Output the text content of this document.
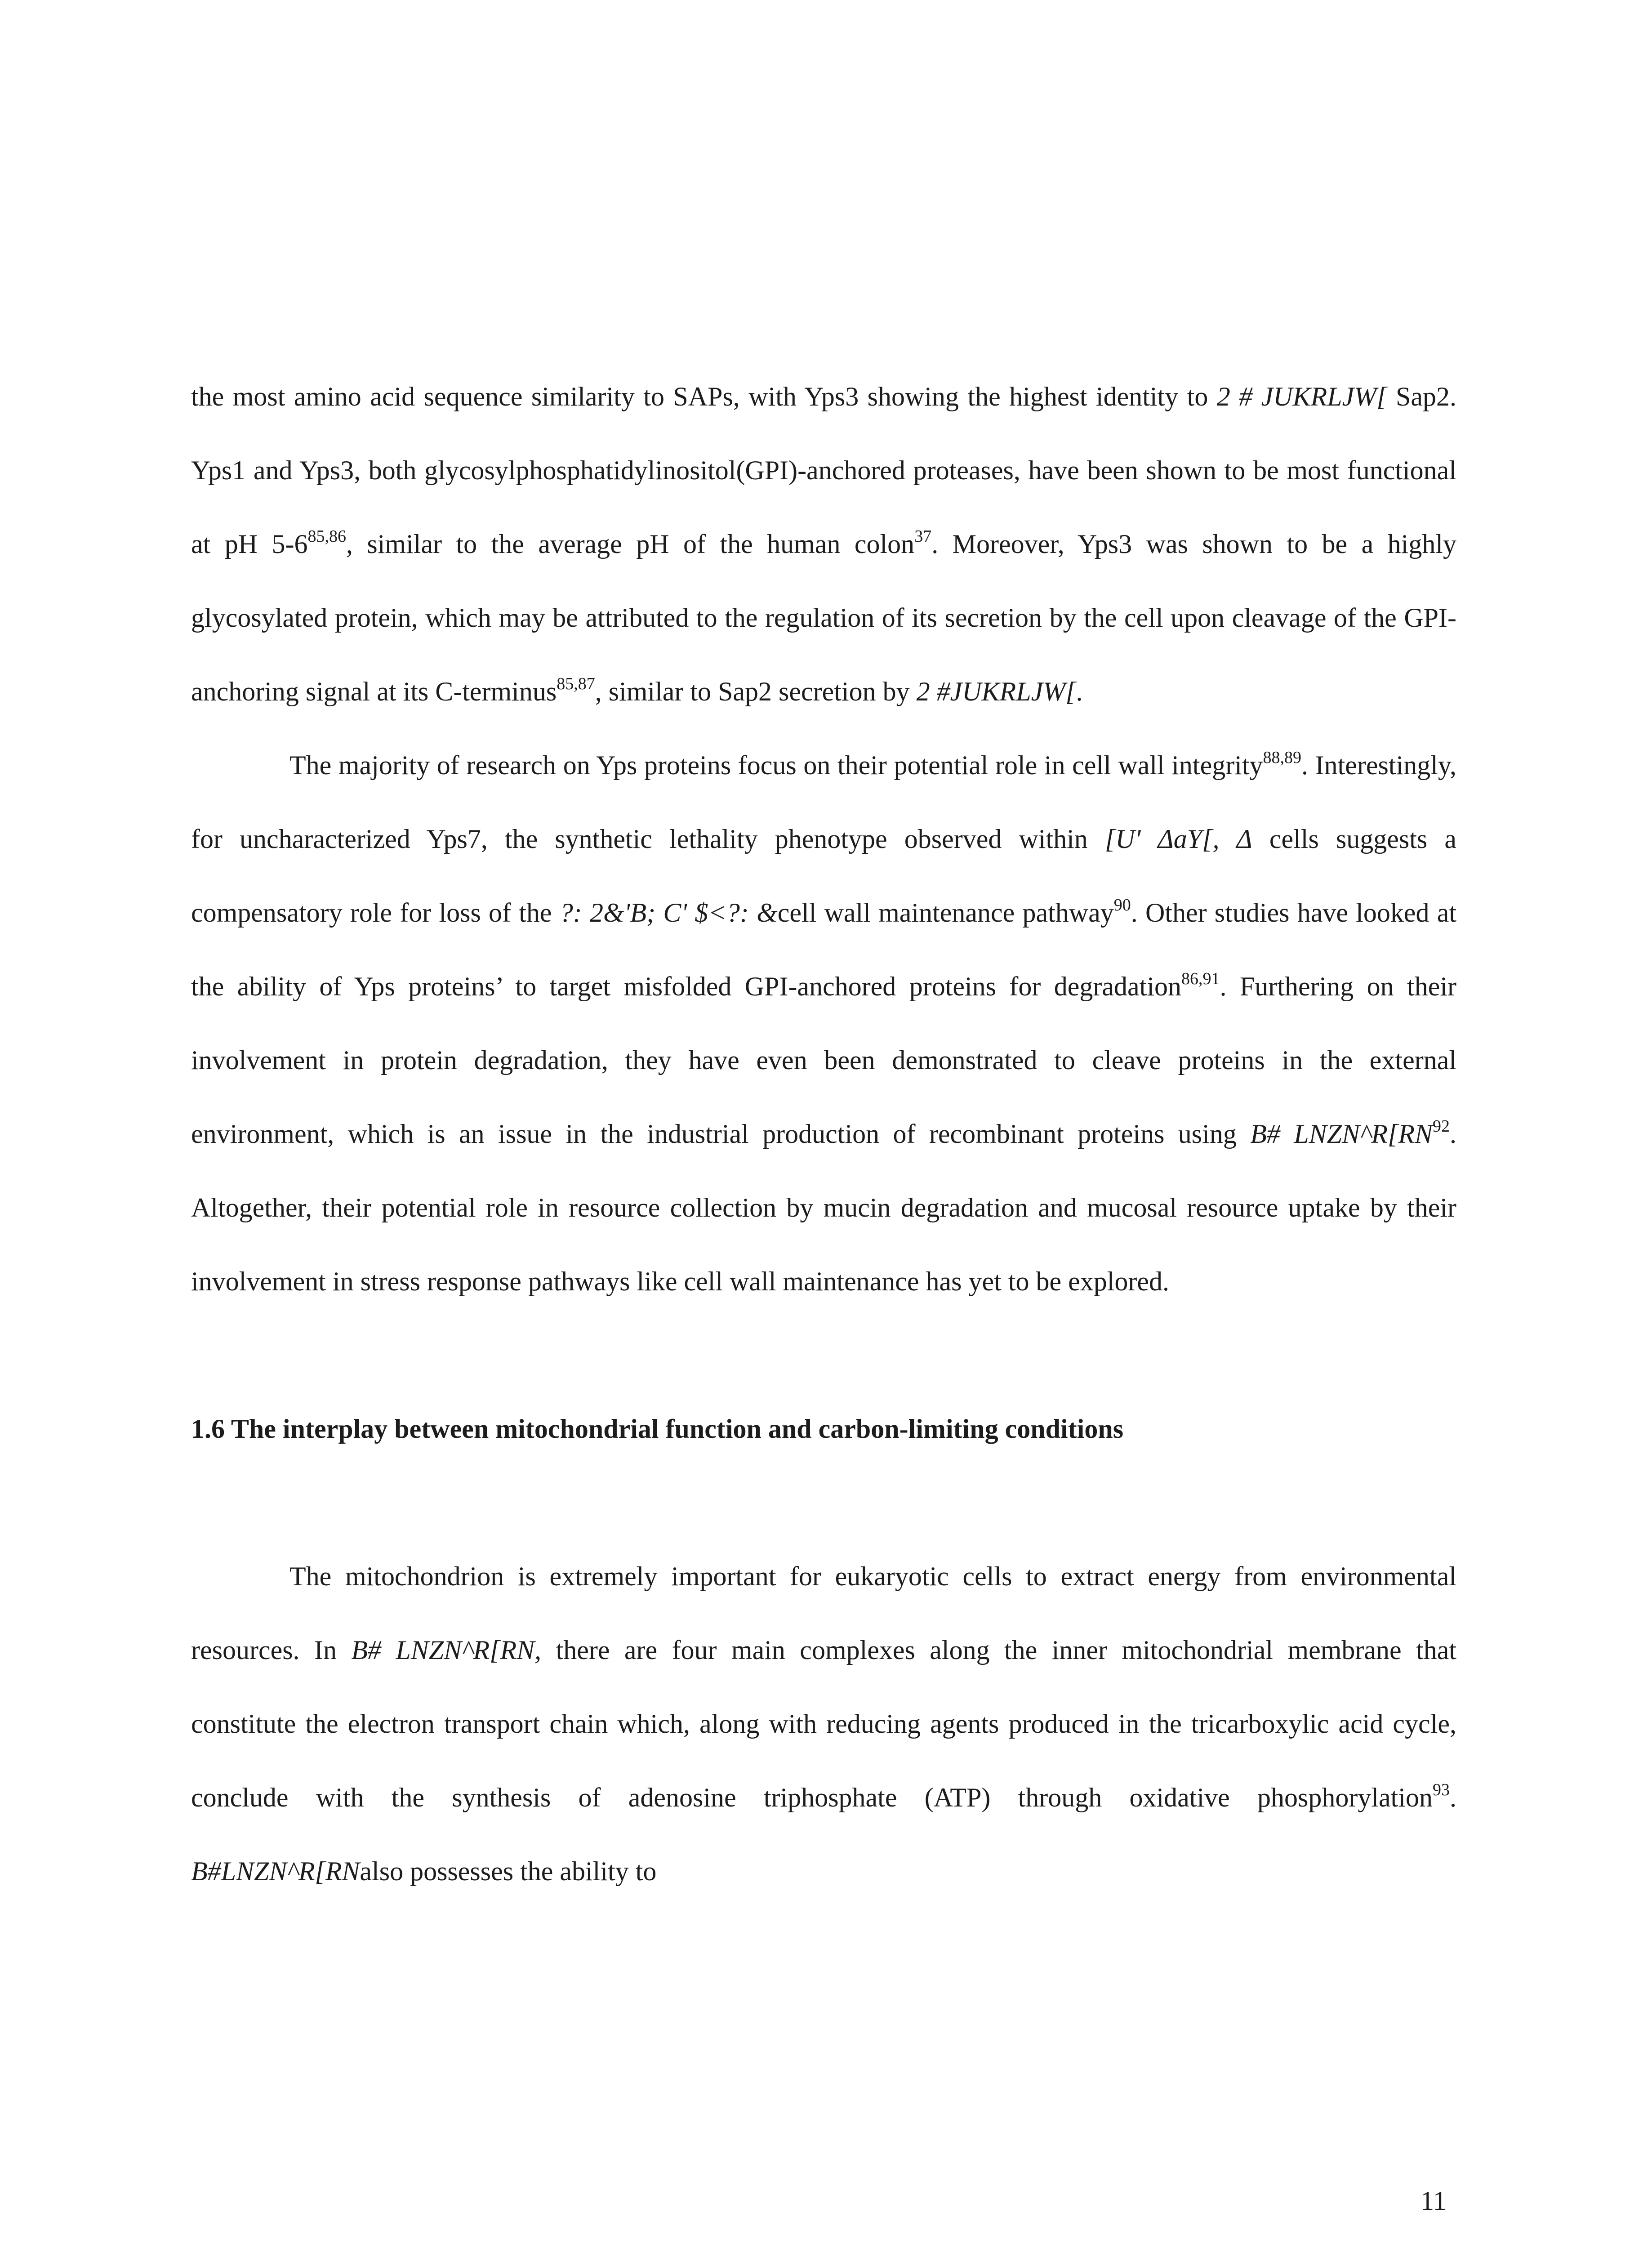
the most amino acid sequence similarity to SAPs, with Yps3 showing the highest identity to 2 # JUKRLJW[ Sap2. Yps1 and Yps3, both glycosylphosphatidylinositol(GPI)-anchored proteases, have been shown to be most functional at pH 5-6$^{85,86}$, similar to the average pH of the human colon$^{37}$. Moreover, Yps3 was shown to be a highly glycosylated protein, which may be attributed to the regulation of its secretion by the cell upon cleavage of the GPI-anchoring signal at its C-terminus$^{85,87}$, similar to Sap2 secretion by 2 #JUKRLJW[.

The majority of research on Yps proteins focus on their potential role in cell wall integrity$^{88,89}$. Interestingly, for uncharacterized Yps7, the synthetic lethality phenotype observed within [U' ΔaY[, Δ cells suggests a compensatory role for loss of the ?: 2&'B; C' $<?: &cell wall maintenance pathway$^{90}$. Other studies have looked at the ability of Yps proteins’ to target misfolded GPI-anchored proteins for degradation$^{86,91}$. Furthering on their involvement in protein degradation, they have even been demonstrated to cleave proteins in the external environment, which is an issue in the industrial production of recombinant proteins using B# LNZN^R[RN$^{92}$. Altogether, their potential role in resource collection by mucin degradation and mucosal resource uptake by their involvement in stress response pathways like cell wall maintenance has yet to be explored.

1.6 The interplay between mitochondrial function and carbon-limiting conditions

The mitochondrion is extremely important for eukaryotic cells to extract energy from environmental resources. In B# LNZN^R[RN, there are four main complexes along the inner mitochondrial membrane that constitute the electron transport chain which, along with reducing agents produced in the tricarboxylic acid cycle, conclude with the synthesis of adenosine triphosphate (ATP) through oxidative phosphorylation$^{93}$. B#LNZN^R[RNalso possesses the ability to

11
